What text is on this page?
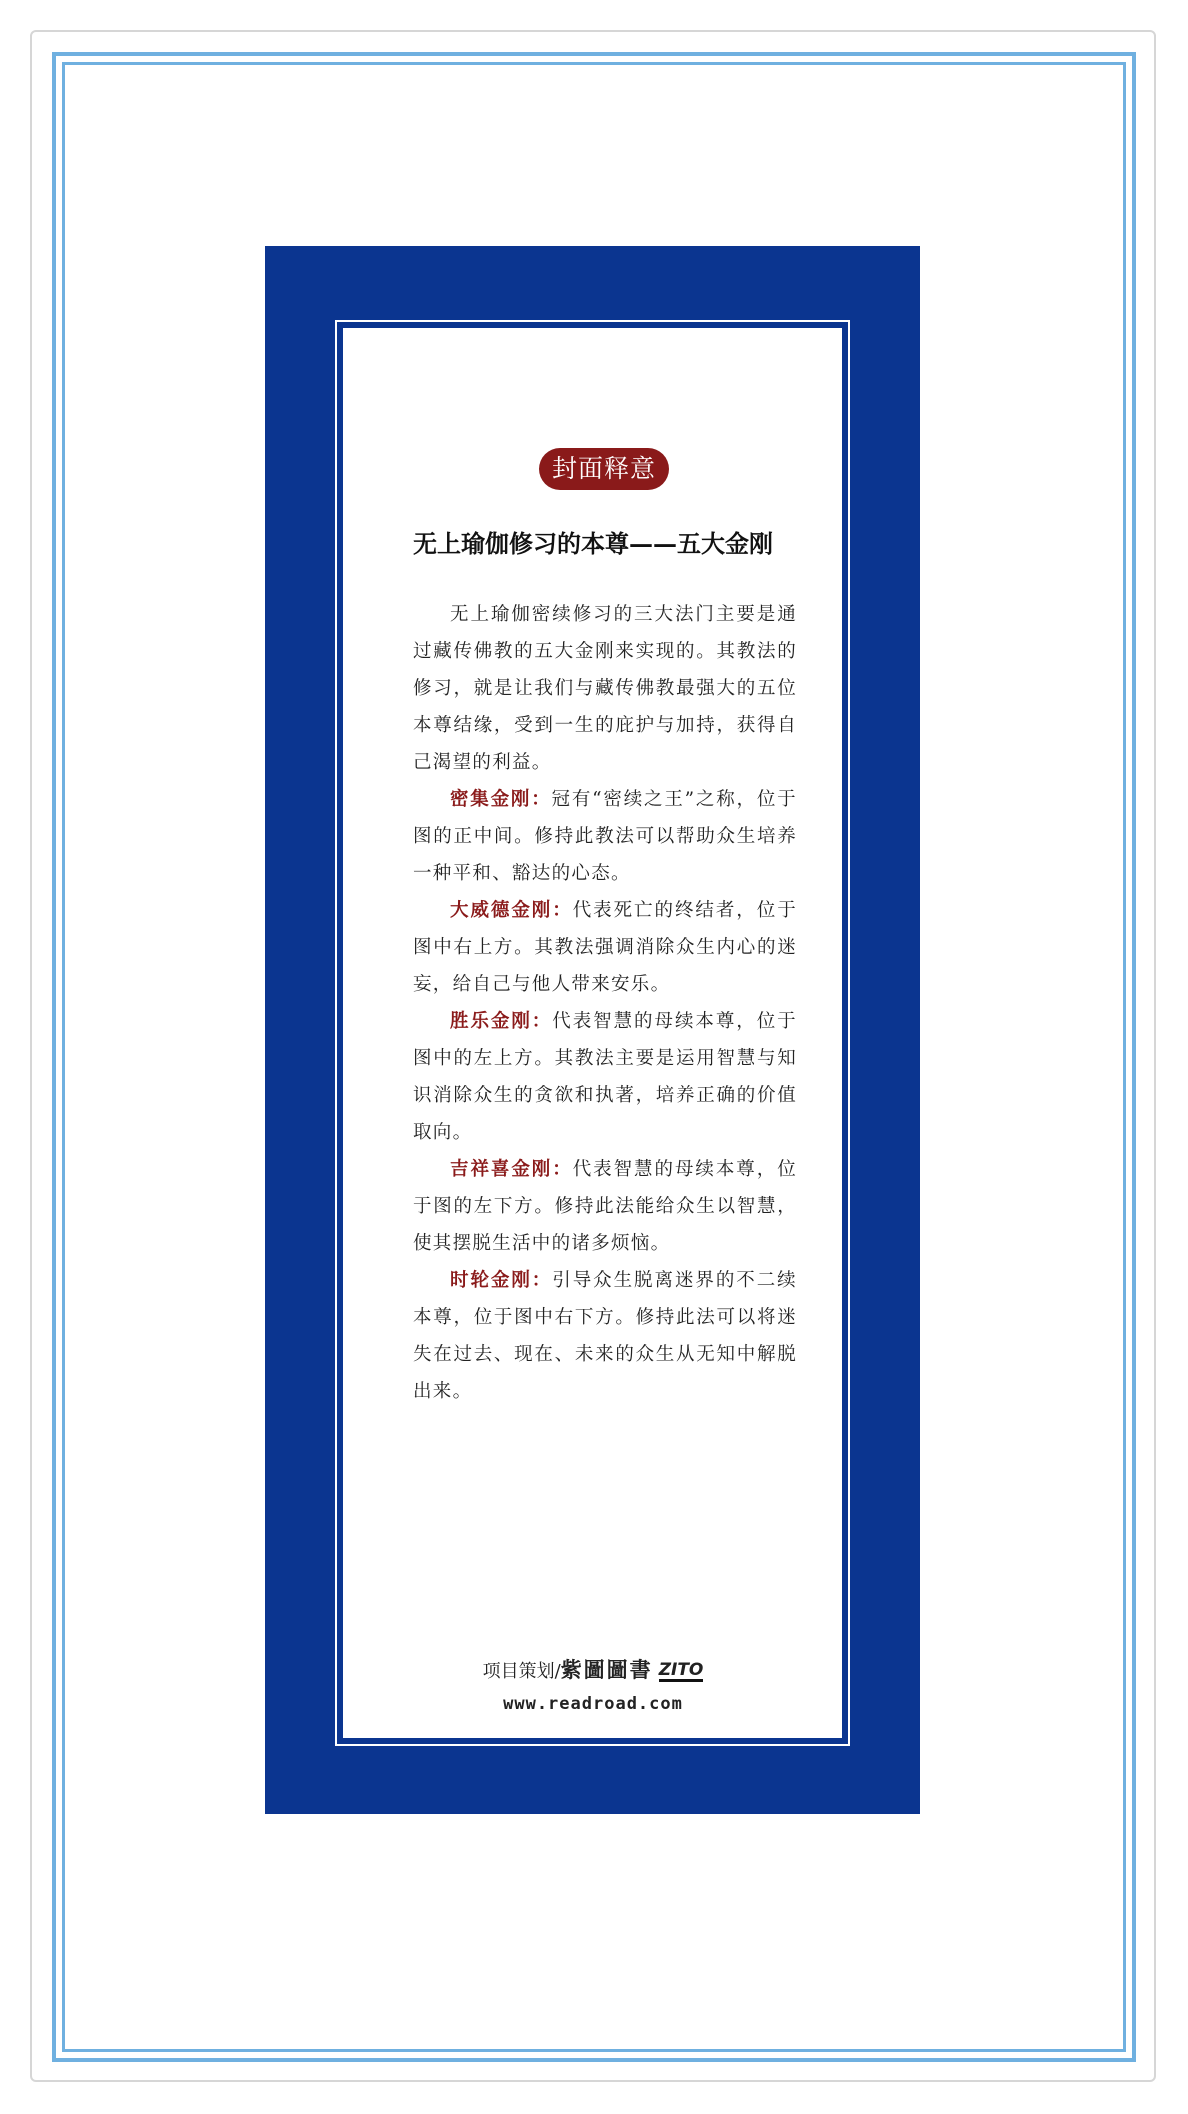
封面释意
无上瑜伽修习的本尊——五大金刚

无上瑜伽密续修习的三大法门主要是通过藏传佛教的五大金刚来实现的。其教法的修习，就是让我们与藏传佛教最强大的五位本尊结缘，受到一生的庇护与加持，获得自己渴望的利益。

密集金刚：冠有“密续之王”之称，位于图的正中间。修持此教法可以帮助众生培养一种平和、豁达的心态。

大威德金刚：代表死亡的终结者，位于图中右上方。其教法强调消除众生内心的迷妄，给自己与他人带来安乐。

胜乐金刚：代表智慧的母续本尊，位于图中的左上方。其教法主要是运用智慧与知识消除众生的贪欲和执著，培养正确的价值取向。

吉祥喜金刚：代表智慧的母续本尊，位于图的左下方。修持此法能给众生以智慧，使其摆脱生活中的诸多烦恼。

时轮金刚：引导众生脱离迷界的不二续本尊，位于图中右下方。修持此法可以将迷失在过去、现在、未来的众生从无知中解脱出来。

项目策划/紫圖圖書 ZITO
www.readroad.com
